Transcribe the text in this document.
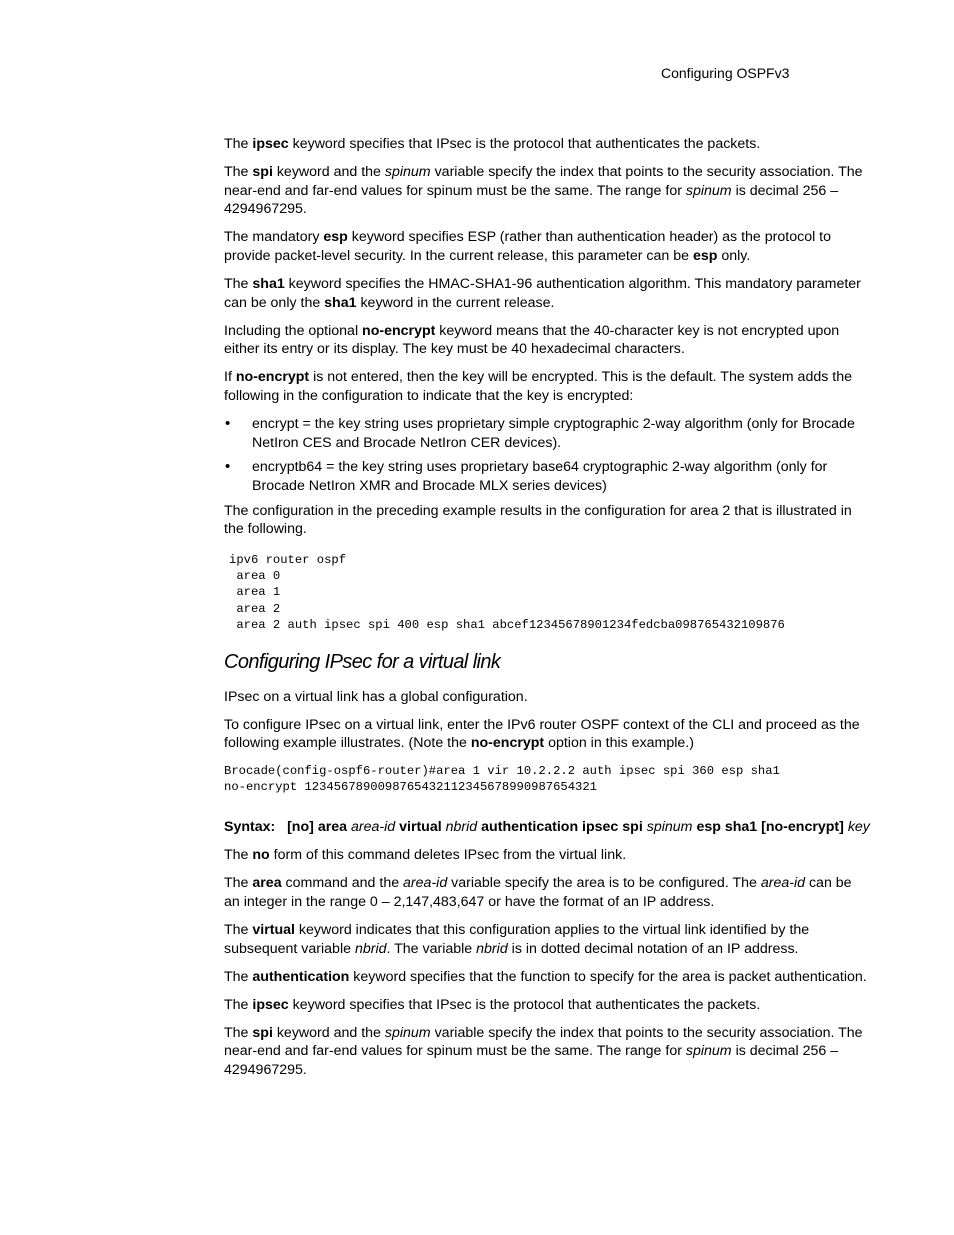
Configuring OSPFv3

The ipsec keyword specifies that IPsec is the protocol that authenticates the packets.

The spi keyword and the spinum variable specify the index that points to the security association. The near-end and far-end values for spinum must be the same. The range for spinum is decimal 256 – 4294967295.

The mandatory esp keyword specifies ESP (rather than authentication header) as the protocol to provide packet-level security. In the current release, this parameter can be esp only.

The sha1 keyword specifies the HMAC-SHA1-96 authentication algorithm. This mandatory parameter can be only the sha1 keyword in the current release.

Including the optional no-encrypt keyword means that the 40-character key is not encrypted upon either its entry or its display. The key must be 40 hexadecimal characters.

If no-encrypt is not entered, then the key will be encrypted. This is the default. The system adds the following in the configuration to indicate that the key is encrypted:

• encrypt = the key string uses proprietary simple cryptographic 2-way algorithm (only for Brocade NetIron CES and Brocade NetIron CER devices).
• encryptb64 = the key string uses proprietary base64 cryptographic 2-way algorithm (only for Brocade NetIron XMR and Brocade MLX series devices)

The configuration in the preceding example results in the configuration for area 2 that is illustrated in the following.

ipv6 router ospf
area 0
area 1
area 2
area 2 auth ipsec spi 400 esp sha1 abcef12345678901234fedcba098765432109876
Configuring IPsec for a virtual link

IPsec on a virtual link has a global configuration.

To configure IPsec on a virtual link, enter the IPv6 router OSPF context of the CLI and proceed as the following example illustrates. (Note the no-encrypt option in this example.)

Brocade(config-ospf6-router)#area 1 vir 10.2.2.2 auth ipsec spi 360 esp sha1
no-encrypt 1234567890098765432112345678990987654321

Syntax: [no] area area-id virtual nbrid authentication ipsec spi spinum esp sha1 [no-encrypt] key

The no form of this command deletes IPsec from the virtual link.

The area command and the area-id variable specify the area is to be configured. The area-id can be an integer in the range 0 – 2,147,483,647 or have the format of an IP address.

The virtual keyword indicates that this configuration applies to the virtual link identified by the subsequent variable nbrid. The variable nbrid is in dotted decimal notation of an IP address.

The authentication keyword specifies that the function to specify for the area is packet authentication.

The ipsec keyword specifies that IPsec is the protocol that authenticates the packets.

The spi keyword and the spinum variable specify the index that points to the security association. The near-end and far-end values for spinum must be the same. The range for spinum is decimal 256 – 4294967295.
